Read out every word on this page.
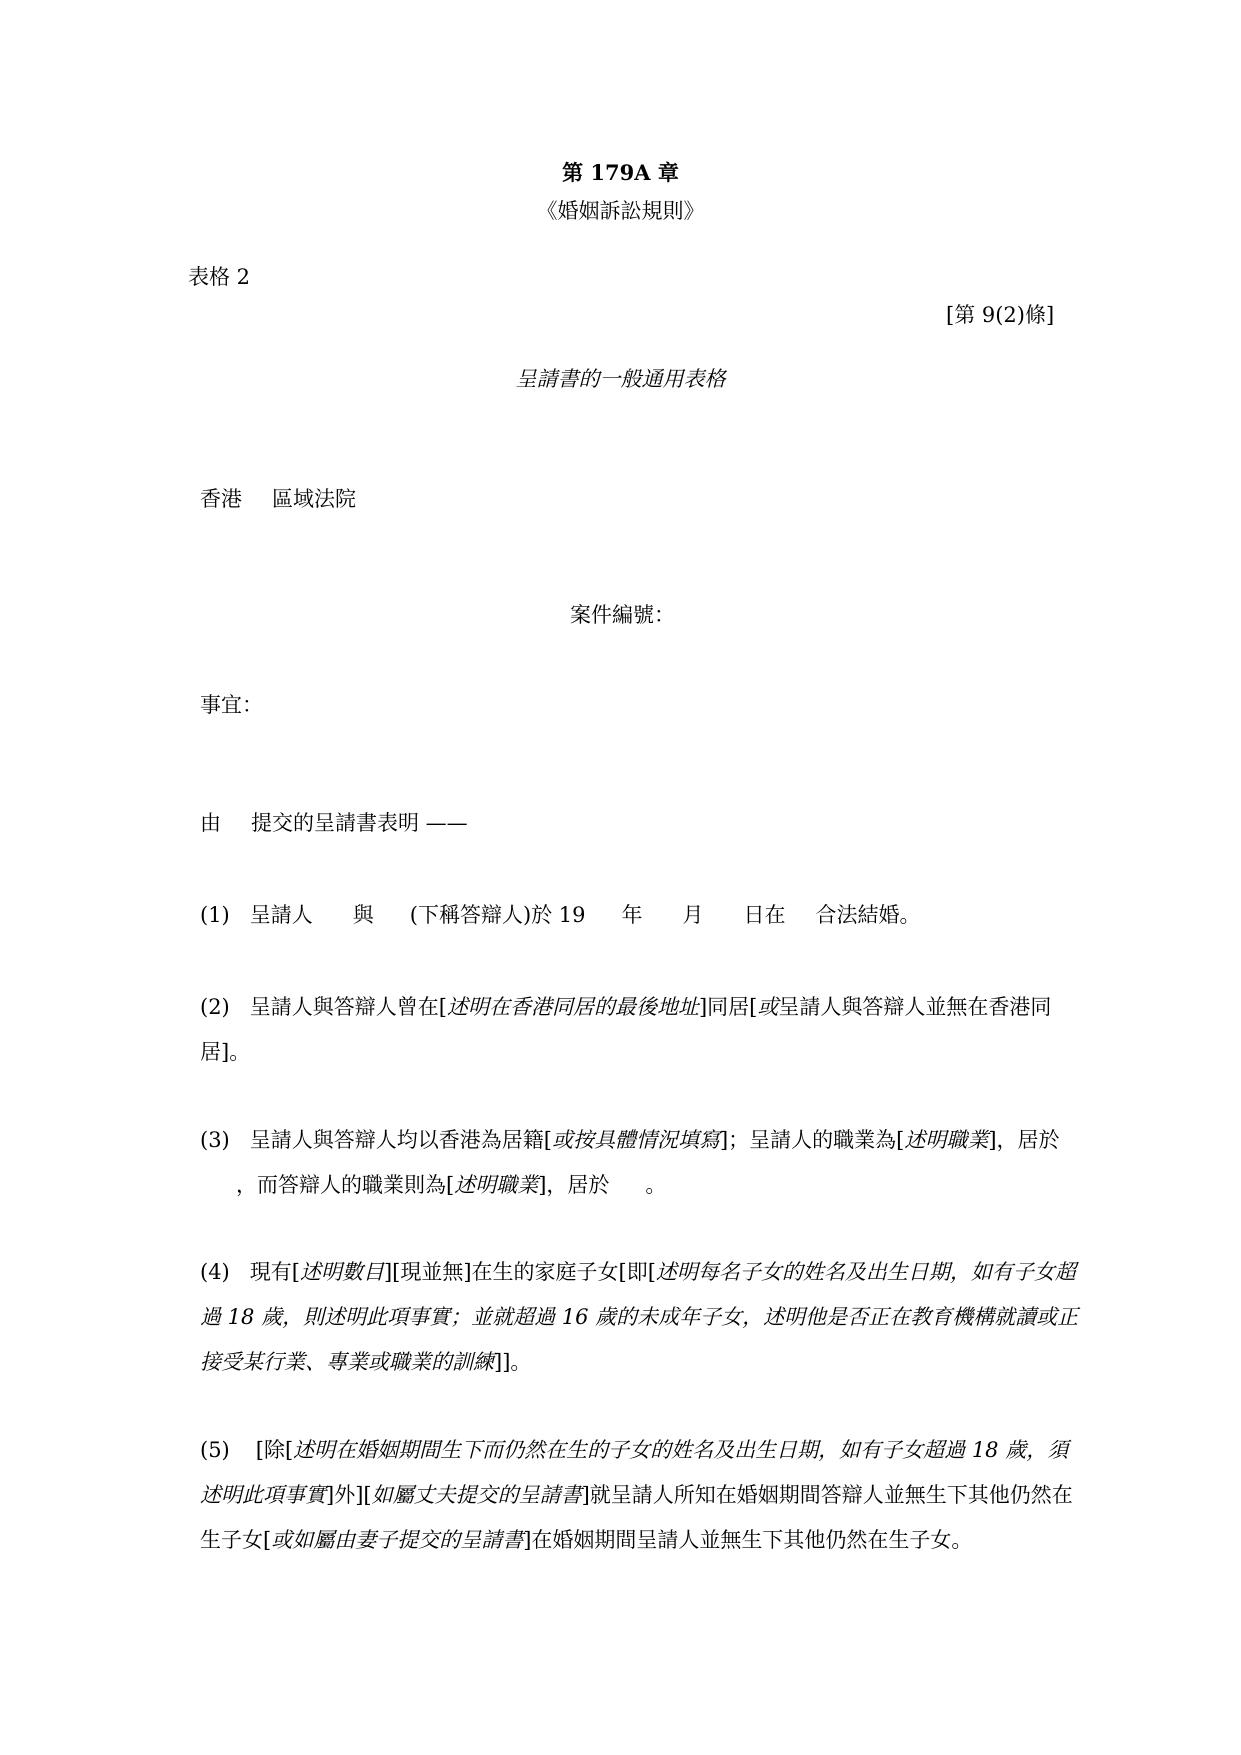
第 179A 章
《婚姻訴訟規則》
表格 2
[第 9(2)條]
呈請書的一般通用表格
香港 區域法院
案件編號：
事宜：
由 提交的呈請書表明 ——
(1) 呈請人 與 (下稱答辯人)於 19 年 月 日在 合法結婚。
(2) 呈請人與答辯人曾在[述明在香港同居的最後地址]同居[或呈請人與答辯人並無在香港同居]。
(3) 呈請人與答辯人均以香港為居籍[或按具體情況填寫]；呈請人的職業為[述明職業]，居於，而答辯人的職業則為[述明職業]，居於 。
(4) 現有[述明數目][現並無]在生的家庭子女[即[述明每名子女的姓名及出生日期，如有子女超過 18 歲，則述明此項事實；並就超過 16 歲的未成年子女，述明他是否正在教育機構就讀或正接受某行業、專業或職業的訓練]]。
(5) [除[述明在婚姻期間生下而仍然在生的子女的姓名及出生日期，如有子女超過 18 歲，須述明此項事實]外][如屬丈夫提交的呈請書]就呈請人所知在婚姻期間答辯人並無生下其他仍然在生子女[或如屬由妻子提交的呈請書]在婚姻期間呈請人並無生下其他仍然在生子女。
